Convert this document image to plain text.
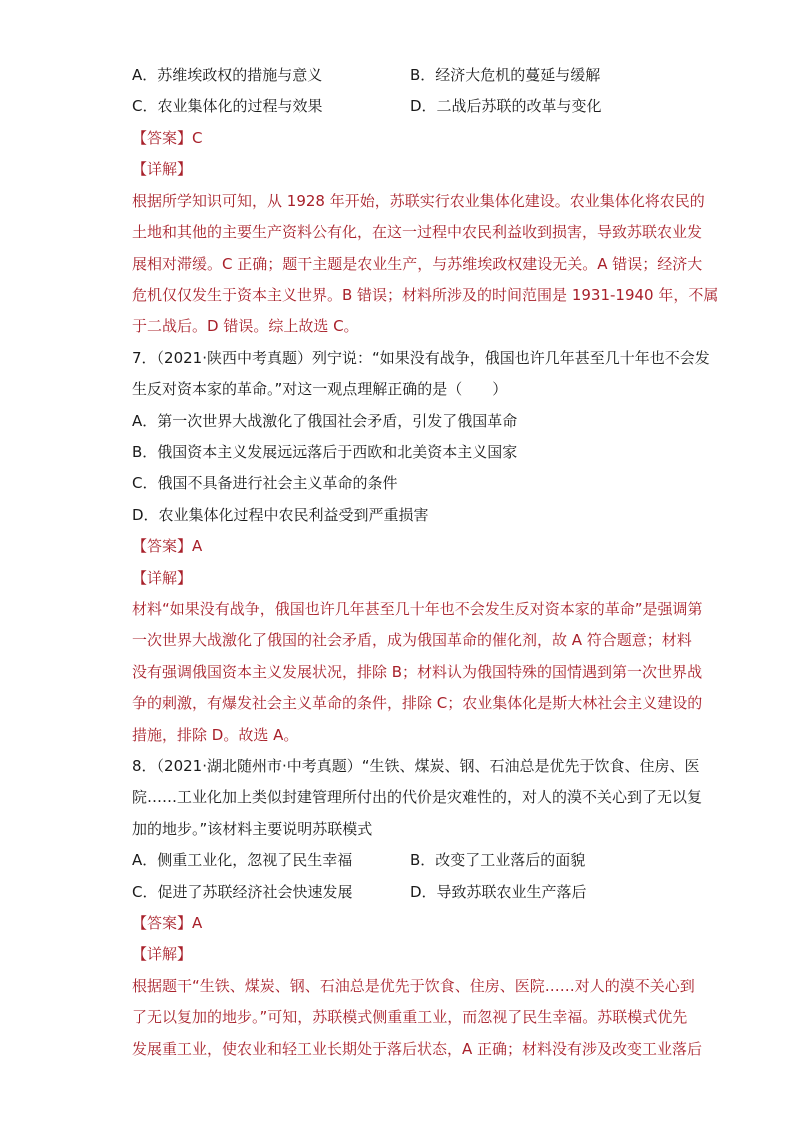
A．苏维埃政权的措施与意义	B．经济大危机的蔓延与缓解
C．农业集体化的过程与效果	D．二战后苏联的改革与变化
【答案】C
【详解】
根据所学知识可知，从 1928 年开始，苏联实行农业集体化建设。农业集体化将农民的
土地和其他的主要生产资料公有化，在这一过程中农民利益收到损害，导致苏联农业发
展相对滞缓。C 正确；题干主题是农业生产，与苏维埃政权建设无关。A 错误；经济大
危机仅仅发生于资本主义世界。B 错误；材料所涉及的时间范围是 1931-1940 年，不属
于二战后。D 错误。综上故选 C。
7．（2021·陕西中考真题）列宁说：“如果没有战争，俄国也许几年甚至几十年也不会发
生反对资本家的革命。”对这一观点理解正确的是（　　）
A．第一次世界大战激化了俄国社会矛盾，引发了俄国革命
B．俄国资本主义发展远远落后于西欧和北美资本主义国家
C．俄国不具备进行社会主义革命的条件
D．农业集体化过程中农民利益受到严重损害
【答案】A
【详解】
材料“如果没有战争，俄国也许几年甚至几十年也不会发生反对资本家的革命”是强调第
一次世界大战激化了俄国的社会矛盾，成为俄国革命的催化剂，故 A 符合题意；材料
没有强调俄国资本主义发展状况，排除 B；材料认为俄国特殊的国情遇到第一次世界战
争的刺激，有爆发社会主义革命的条件，排除 C；农业集体化是斯大林社会主义建设的
措施，排除 D。故选 A。
8．（2021·湖北随州市·中考真题）“生铁、煤炭、钢、石油总是优先于饮食、住房、医
院……工业化加上类似封建管理所付出的代价是灾难性的，对人的漠不关心到了无以复
加的地步。”该材料主要说明苏联模式
A．侧重工业化，忽视了民生幸福	B．改变了工业落后的面貌
C．促进了苏联经济社会快速发展	D．导致苏联农业生产落后
【答案】A
【详解】
根据题干“生铁、煤炭、钢、石油总是优先于饮食、住房、医院……对人的漠不关心到
了无以复加的地步。”可知，苏联模式侧重重工业，而忽视了民生幸福。苏联模式优先
发展重工业，使农业和轻工业长期处于落后状态，A 正确；材料没有涉及改变工业落后
